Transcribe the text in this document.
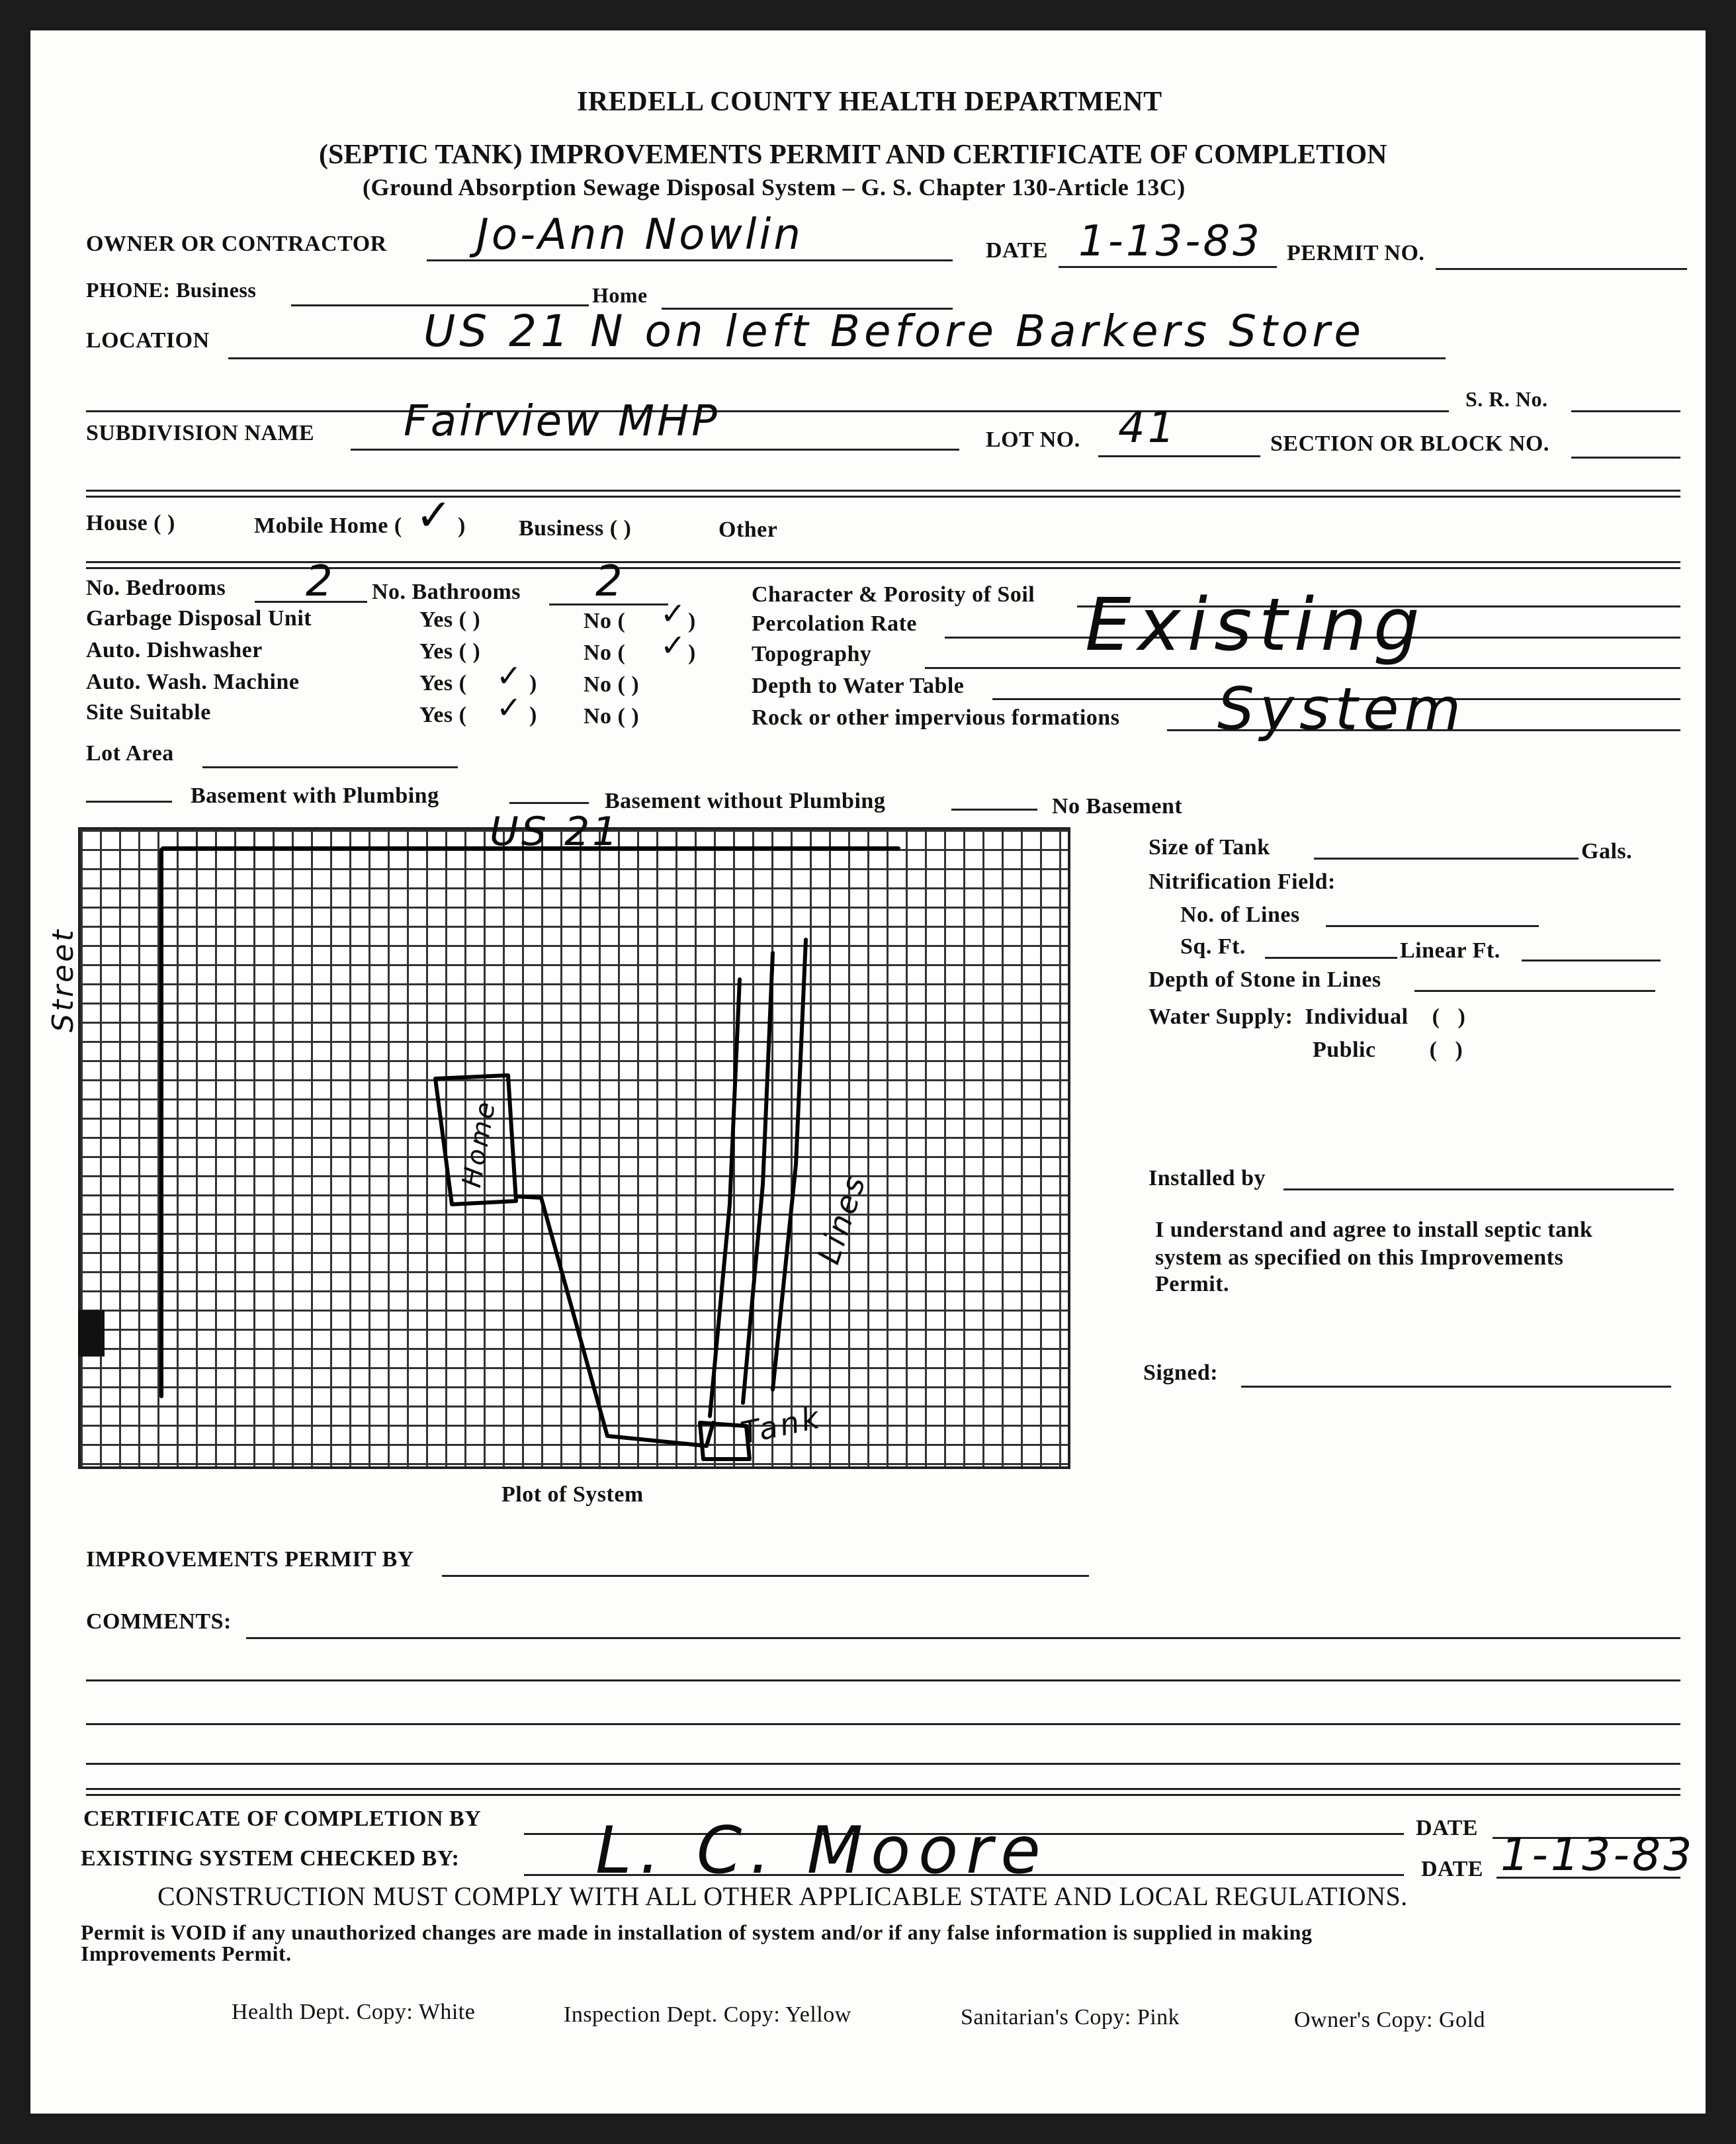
IREDELL COUNTY HEALTH DEPARTMENT
(SEPTIC TANK) IMPROVEMENTS PERMIT AND CERTIFICATE OF COMPLETION
(Ground Absorption Sewage Disposal System – G. S. Chapter 130-Article 13C)
OWNER OR CONTRACTOR Jo-Ann Nowlin	DATE 1-13-83 PERMIT NO.
PHONE: Business	Home
LOCATION	US 21 N on left Before Barkers Store
S. R. No.
SUBDIVISION NAME Fairview MHP	LOT NO. 41	SECTION OR BLOCK NO.
House ( )	Mobile Home ( ✓ ) Business ( )	Other
No. Bedrooms 2 No. Bathrooms 2
Garbage Disposal Unit	Yes ( )	No ( ✓ )
Auto. Dishwasher	Yes ( )	No ( ✓ )
Auto. Wash. Machine	Yes ( ✓ ) No ( )
Site Suitable	Yes ( ✓ ) No ( )
Lot Area
Character & Porosity of Soil
Percolation Rate
Topography
Depth to Water Table
Rock or other impervious formations
Existing
System
Basement with Plumbing	Basement without Plumbing	No Basement
US 21
Street
Home
Lines
Tank
Plot of System
Size of Tank	Gals.
Nitrification Field:
No. of Lines
Sq. Ft.	Linear Ft.
Depth of Stone in Lines
Water Supply:  Individual    (   )
Public         (   )
Installed by
I understand and agree to install septic tank
system as specified on this Improvements
Permit.
Signed:
IMPROVEMENTS PERMIT BY
COMMENTS:
CERTIFICATE OF COMPLETION BY	DATE
EXISTING SYSTEM CHECKED BY: L. C. Moore	DATE 1-13-83
CONSTRUCTION MUST COMPLY WITH ALL OTHER APPLICABLE STATE AND LOCAL REGULATIONS.
Permit is VOID if any unauthorized changes are made in installation of system and/or if any false information is supplied in making
Improvements Permit.
Health Dept. Copy: White	Inspection Dept. Copy: Yellow	Sanitarian's Copy: Pink	Owner's Copy: Gold
